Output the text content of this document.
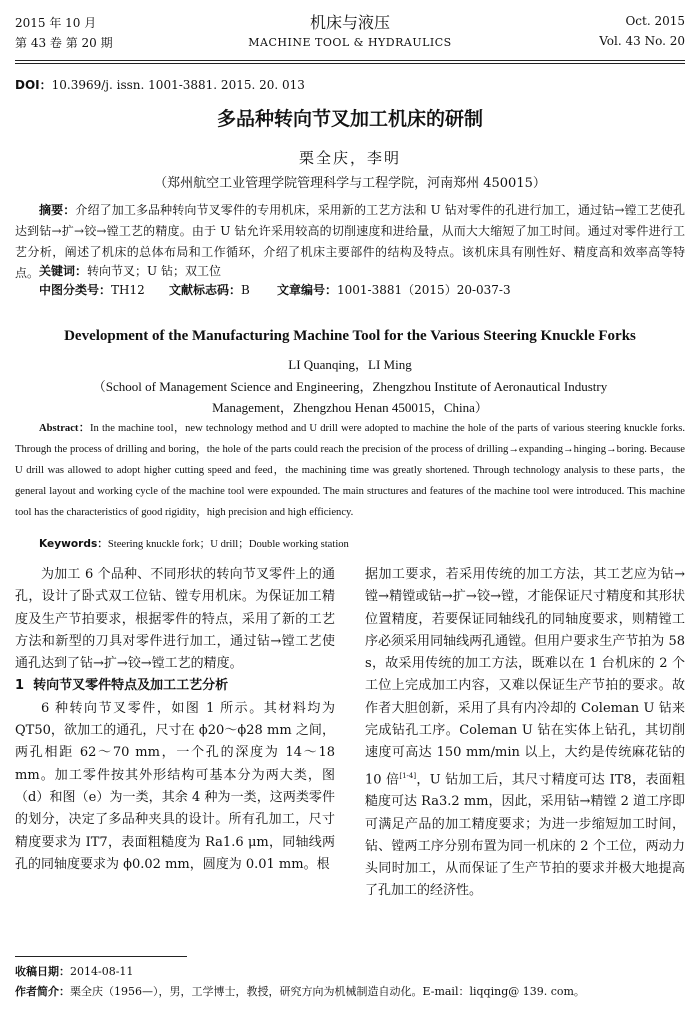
2015 年 10 月
第 43 卷 第 20 期
机床与液压
MACHINE TOOL & HYDRAULICS
Oct. 2015
Vol. 43 No. 20
DOI：10.3969/j. issn. 1001-3881. 2015. 20. 013
多品种转向节叉加工机床的研制
栗全庆，李明
（郑州航空工业管理学院管理科学与工程学院，河南郑州 450015）
摘要：介绍了加工多品种转向节叉零件的专用机床，采用新的工艺方法和 U 钻对零件的孔进行加工，通过钻→镗工艺使孔达到钻→扩→铰→镗工艺的精度。由于 U 钻允许采用较高的切削速度和进给量，从而大大缩短了加工时间。通过对零件进行工艺分析，阐述了机床的总体布局和工作循环，介绍了机床主要部件的结构及特点。该机床具有刚性好、精度高和效率高等特点。 关键词：转向节叉；U 钻；双工位
中图分类号：TH12 文献标志码：B 文章编号：1001-3881（2015）20-037-3
Development of the Manufacturing Machine Tool for the Various Steering Knuckle Forks
LI Quanqing，LI Ming
（School of Management Science and Engineering，Zhengzhou Institute of Aeronautical Industry Management，Zhengzhou Henan 450015，China）
Abstract：In the machine tool，new technology method and U drill were adopted to machine the hole of the parts of various steering knuckle forks. Through the process of drilling and boring，the hole of the parts could reach the precision of the process of drilling→expanding→hinging→boring. Because U drill was allowed to adopt higher cutting speed and feed，the machining time was greatly shortened. Through technology analysis to these parts，the general layout and working cycle of the machine tool were expounded. The main structures and features of the machine tool were introduced. This machine tool has the characteristics of good rigidity，high precision and high efficiency.
Keywords：Steering knuckle fork；U drill；Double working station

为加工 6 个品种、不同形状的转向节叉零件上的通孔，设计了卧式双工位钻、镗专用机床。为保证加工精度及生产节拍要求，根据零件的特点，采用了新的工艺方法和新型的刀具对零件进行加工，通过钻→镗工艺使通孔达到了钻→扩→铰→镗工艺的精度。

1 转向节叉零件特点及加工工艺分析

6 种转向节叉零件，如图 1 所示。其材料均为 QT50，欲加工的通孔，尺寸在 ϕ20～ϕ28 mm 之间，两孔相距 62～70 mm，一个孔的深度为 14～18 mm。加工零件按其外形结构可基本分为两大类，图（d）和图（e）为一类，其余 4 种为一类，这两类零件的划分，决定了多品种夹具的设计。所有孔加工，尺寸精度要求为 IT7，表面粗糙度为 Ra1.6 μm，同轴线两孔的同轴度要求为 ϕ0.02 mm，圆度为 0.01 mm。根

据加工要求，若采用传统的加工方法，其工艺应为钻→镗→精镗或钻→扩→铰→镗，才能保证尺寸精度和其形状位置精度，若要保证同轴线孔的同轴度要求，则精镗工序必须采用同轴线两孔通镗。但用户要求生产节拍为 58 s，故采用传统的加工方法，既难以在 1 台机床的 2 个工位上完成加工内容，又难以保证生产节拍的要求。故作者大胆创新，采用了具有内冷却的 Coleman U 钻来完成钻孔工序。Coleman U 钻在实体上钻孔，其切削速度可高达 150 mm/min 以上，大约是传统麻花钻的 10 倍[1-4]，U 钻加工后，其尺寸精度可达 IT8，表面粗糙度可达 Ra3.2 mm，因此，采用钻→精镗 2 道工序即可满足产品的加工精度要求；为进一步缩短加工时间，钻、镗两工序分别布置为同一机床的 2 个工位，两动力头同时加工，从而保证了生产节拍的要求并极大地提高了孔加工的经济性。

收稿日期：2014-08-11
作者简介：栗全庆（1956—），男，工学博士，教授，研究方向为机械制造自动化。E-mail：liqqing@ 139. com。
